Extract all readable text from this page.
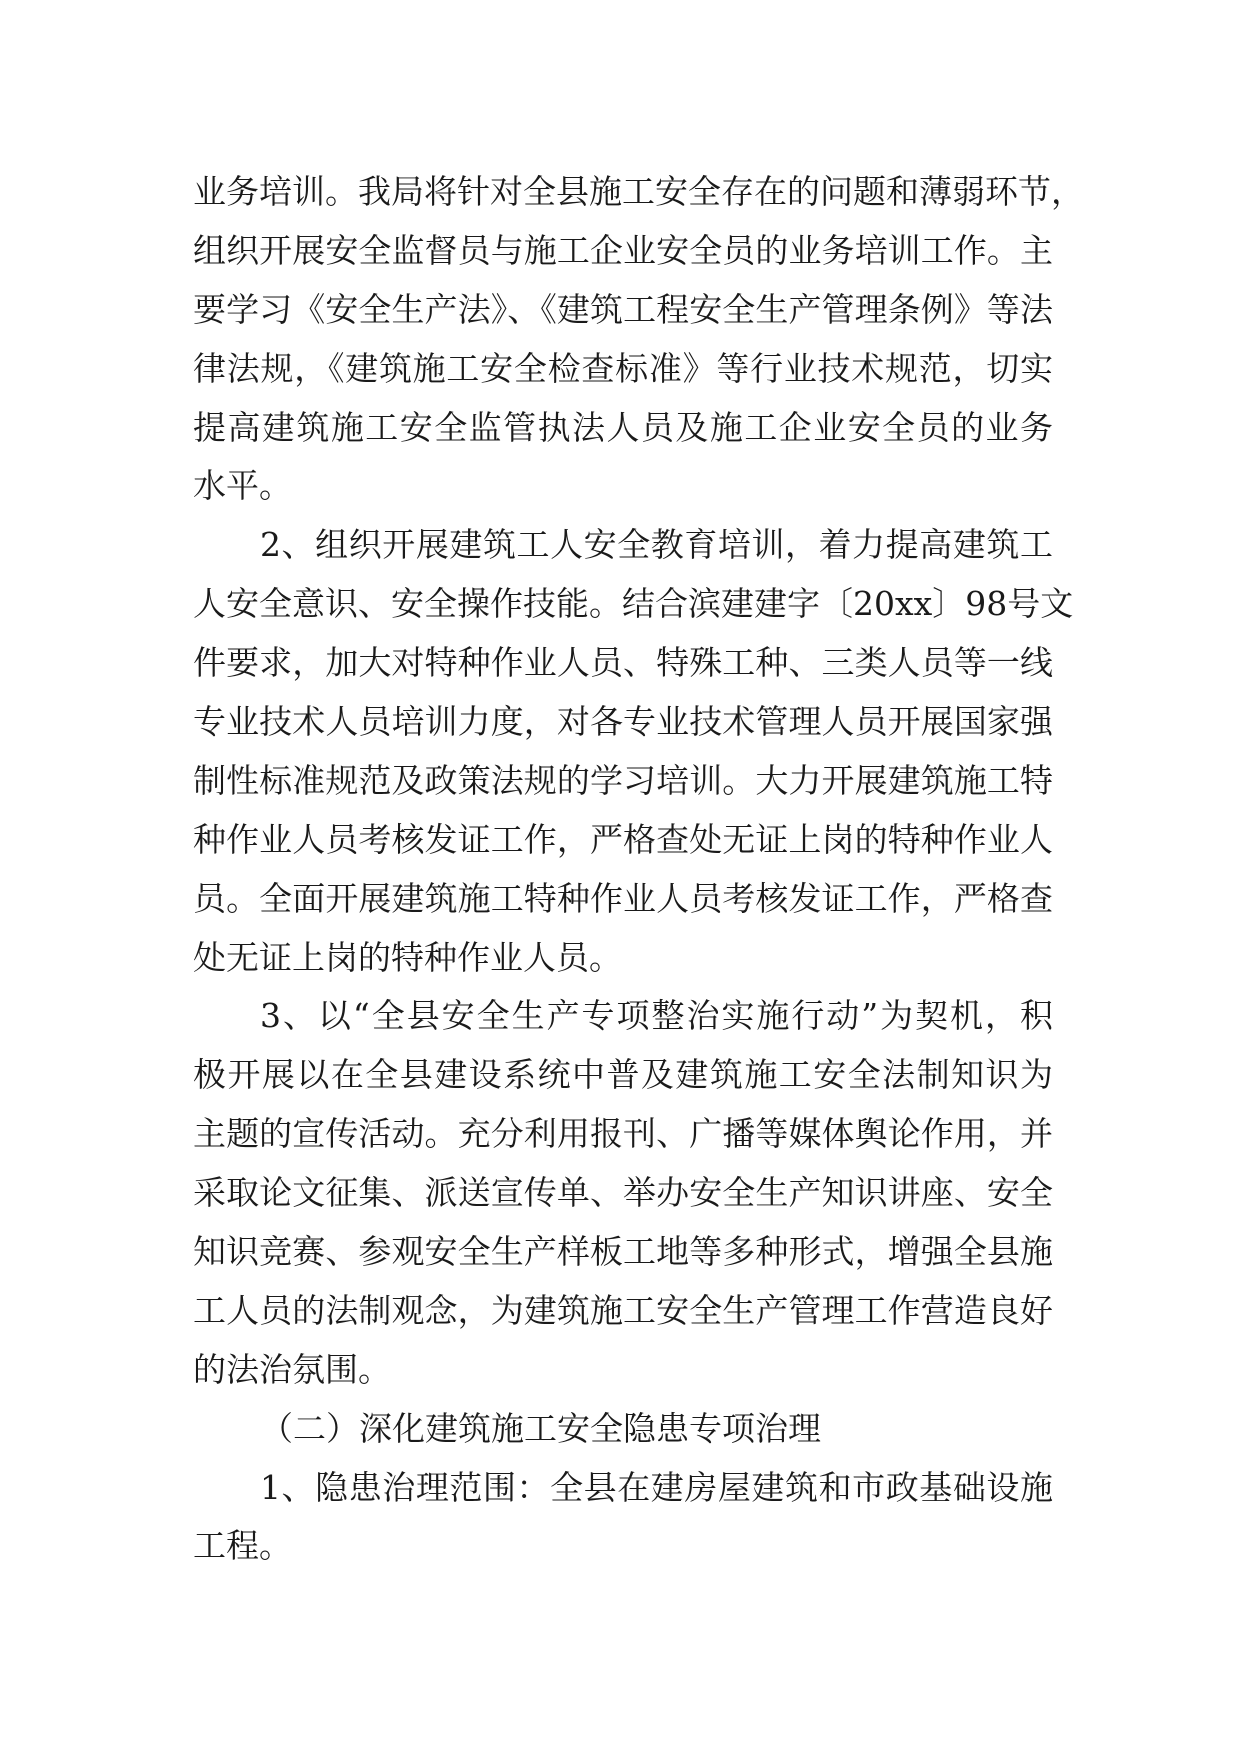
业务培训。我局将针对全县施工安全存在的问题和薄弱环节，
组织开展安全监督员与施工企业安全员的业务培训工作。主
要学习《安全生产法》、《建筑工程安全生产管理条例》等法
律法规，《建筑施工安全检查标准》等行业技术规范，切实
提高建筑施工安全监管执法人员及施工企业安全员的业务
水平。
2、组织开展建筑工人安全教育培训，着力提高建筑工
人安全意识、安全操作技能。结合滨建建字〔20xx〕98号文
件要求，加大对特种作业人员、特殊工种、三类人员等一线
专业技术人员培训力度，对各专业技术管理人员开展国家强
制性标准规范及政策法规的学习培训。大力开展建筑施工特
种作业人员考核发证工作，严格查处无证上岗的特种作业人
员。全面开展建筑施工特种作业人员考核发证工作，严格查
处无证上岗的特种作业人员。
3、以“全县安全生产专项整治实施行动”为契机，积
极开展以在全县建设系统中普及建筑施工安全法制知识为
主题的宣传活动。充分利用报刊、广播等媒体舆论作用，并
采取论文征集、派送宣传单、举办安全生产知识讲座、安全
知识竞赛、参观安全生产样板工地等多种形式，增强全县施
工人员的法制观念，为建筑施工安全生产管理工作营造良好
的法治氛围。
（二）深化建筑施工安全隐患专项治理
1、隐患治理范围：全县在建房屋建筑和市政基础设施
工程。
